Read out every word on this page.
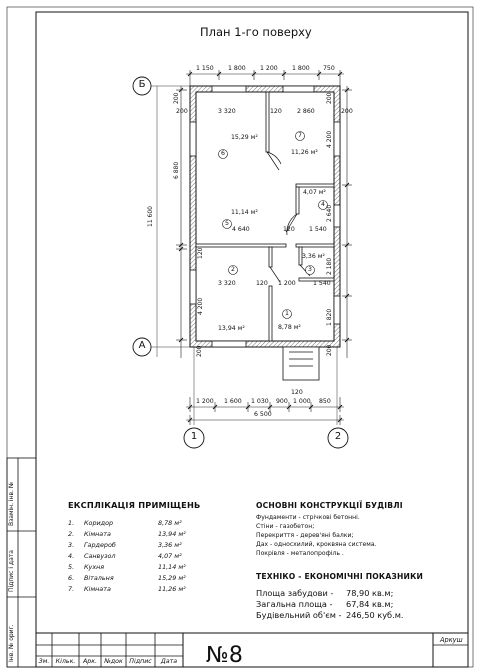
План 1-го поверху
Б
А
1	2
1 150 1 800 1 200 1 800 750
1 200 1 600 1 030 900 1 000 850
120
6 500
200
6 880
120
4 200
200
11 600
200
4 200
2 640
2 180
1 820
200
200	3 320	120 2 860	200
4 640	120 1 540
3 320	120 1 200	1 540
6
7
4
5
2	3
1
15,29 м²
11,26 м²
4,07 м²
11,14 м²
13,94 м²
3,36 м²
8,78 м²
ЕКСПЛІКАЦІЯ ПРИМІЩЕНЬ
1. Коридор	8,78 м²
2. Кімната	13,94 м²
3. Гардероб	3,36 м²
4. Санвузол	4,07 м²
5. Кухня	11,14 м²
6. Вітальня	15,29 м²
7. Кімната	11,26 м²
ОСНОВНІ КОНСТРУКЦІЇ БУДІВЛІ
Фундаменти - стрічкові бетонні.
Стіни - газобетон;
Перекриття - дерев'яні балки;
Дах - односхилий, кроквяна система.
Покрівля - металопрофіль .
ТЕХНІКО - ЕКОНОМІЧНІ ПОКАЗНИКИ
Площа забудови - 78,90 кв.м;
Загальна площа - 67,84 кв.м;
Будівельний об'єм - 246,50 куб.м.
Взамін. інв. №
Підпис і дата
Інв. № ориг.	Зм. Кільк.	Арк.	№док	Підпис	Дата №8
Аркуш
